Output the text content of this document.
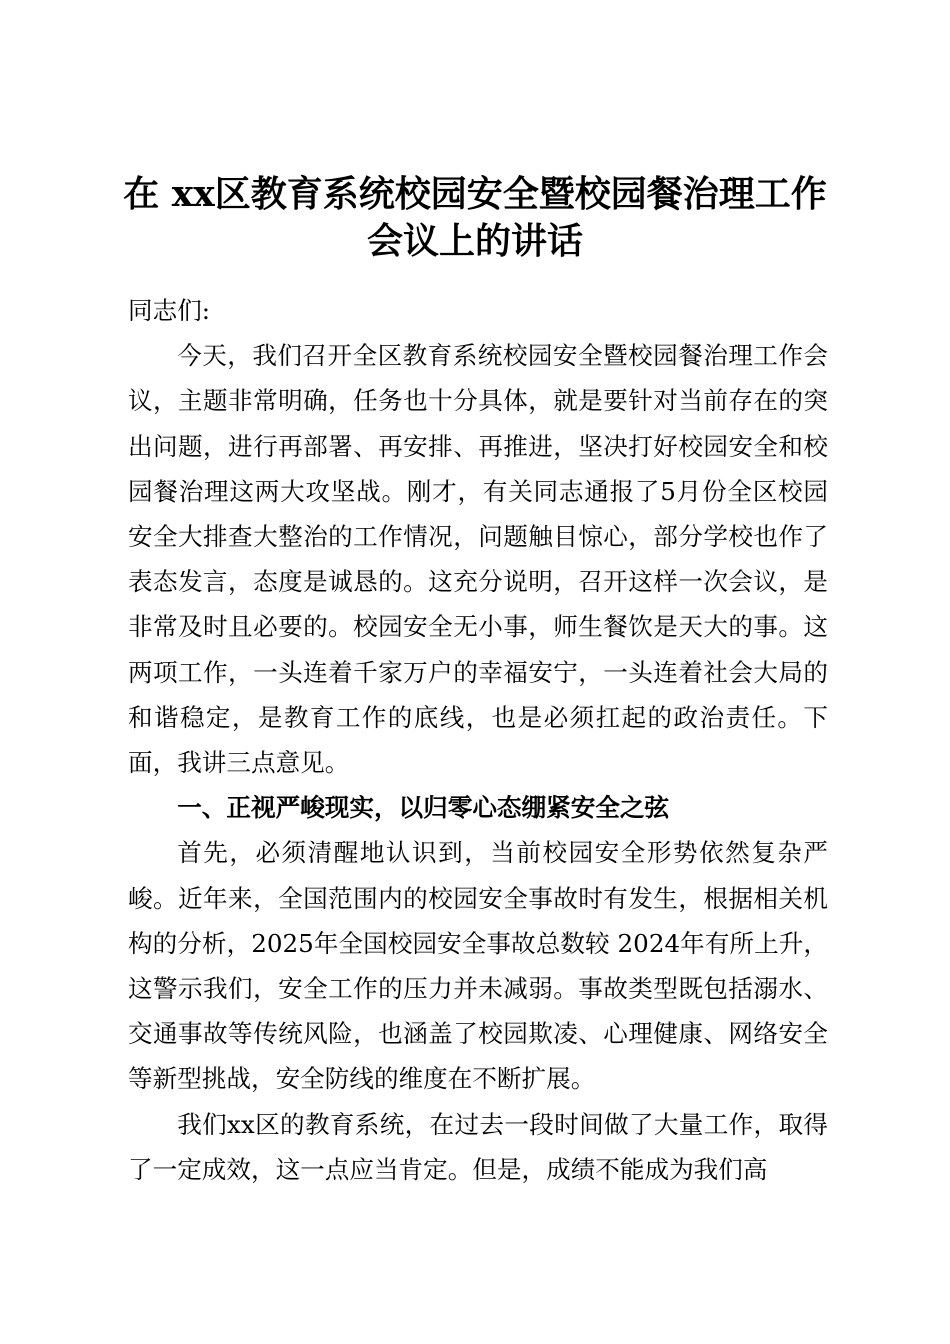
在 xx区教育系统校园安全暨校园餐治理工作
会议上的讲话

同志们:

今天，我们召开全区教育系统校园安全暨校园餐治理工作会议，主题非常明确，任务也十分具体，就是要针对当前存在的突出问题，进行再部署、再安排、再推进，坚决打好校园安全和校园餐治理这两大攻坚战。刚才，有关同志通报了5月份全区校园安全大排查大整治的工作情况，问题触目惊心，部分学校也作了表态发言，态度是诚恳的。这充分说明，召开这样一次会议，是非常及时且必要的。校园安全无小事，师生餐饮是天大的事。这两项工作，一头连着千家万户的幸福安宁，一头连着社会大局的和谐稳定，是教育工作的底线，也是必须扛起的政治责任。下面，我讲三点意见。

一、正视严峻现实，以归零心态绷紧安全之弦

首先，必须清醒地认识到，当前校园安全形势依然复杂严峻。近年来，全国范围内的校园安全事故时有发生，根据相关机构的分析，2025年全国校园安全事故总数较 2024年有所上升，这警示我们，安全工作的压力并未减弱。事故类型既包括溺水、交通事故等传统风险，也涵盖了校园欺凌、心理健康、网络安全等新型挑战，安全防线的维度在不断扩展。

我们xx区的教育系统，在过去一段时间做了大量工作，取得了一定成效，这一点应当肯定。但是，成绩不能成为我们高
